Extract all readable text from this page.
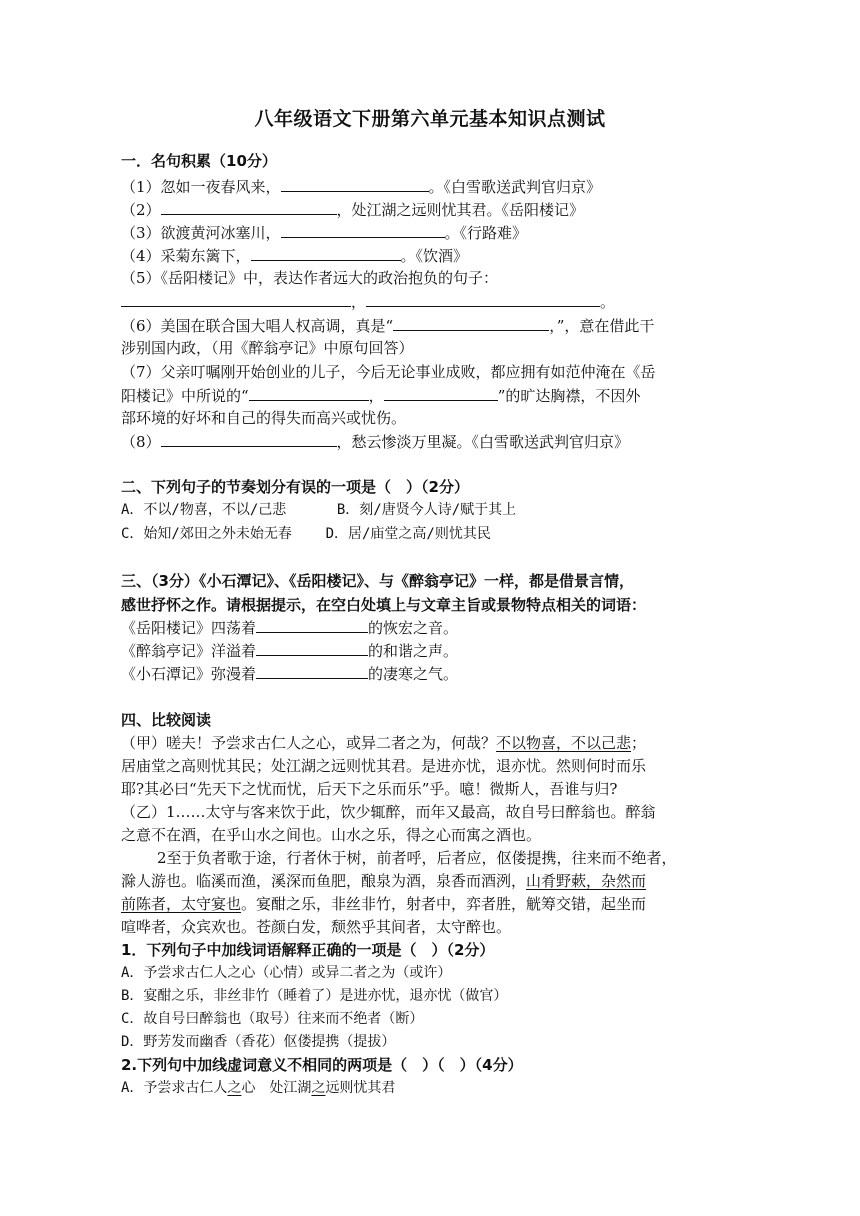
八年级语文下册第六单元基本知识点测试
一．名句积累（10分）
（1）忽如一夜春风来，	。《白雪歌送武判官归京》
（2）	，处江湖之远则忧其君。《岳阳楼记》
（3）欲渡黄河冰塞川，	。《行路难》
（4）采菊东篱下，	。《饮酒》
（5）《岳阳楼记》中，表达作者远大的政治抱负的句子：
，	。
（6）美国在联合国大唱人权高调，真是“	，”，意在借此干
涉别国内政，（用《醉翁亭记》中原句回答）
（7）父亲叮嘱刚开始创业的儿子，今后无论事业成败，都应拥有如范仲淹在《岳
阳楼记》中所说的“	，	”的旷达胸襟，不因外
部环境的好坏和自己的得失而高兴或忧伤。
（8）	，愁云惨淡万里凝。《白雪歌送武判官归京》
二、下列句子的节奏划分有误的一项是（　）（2分）
A．不以/物喜，不以/己悲	B．刻/唐贤今人诗/赋于其上
C．始知/郊田之外未始无春 D．居/庙堂之高/则忧其民
三、（3分）《小石潭记》、《岳阳楼记》、与《醉翁亭记》一样，都是借景言情，
感世抒怀之作。请根据提示，在空白处填上与文章主旨或景物特点相关的词语：
《岳阳楼记》四荡着	的恢宏之音。
《醉翁亭记》洋溢着	的和谐之声。
《小石潭记》弥漫着	的凄寒之气。
四、比较阅读
（甲）嗟夫！予尝求古仁人之心，或异二者之为，何哉？不以物喜，不以己悲；
居庙堂之高则忧其民；处江湖之远则忧其君。是进亦忧，退亦忧。然则何时而乐
耶?其必曰“先天下之忧而忧，后天下之乐而乐”乎。噫！微斯人，吾谁与归?
（乙）1……太守与客来饮于此，饮少辄醉，而年又最高，故自号曰醉翁也。醉翁
之意不在酒，在乎山水之间也。山水之乐，得之心而寓之酒也。
2至于负者歌于途，行者休于树，前者呼，后者应，伛偻提携，往来而不绝者，
滁人游也。临溪而渔，溪深而鱼肥，酿泉为酒，泉香而酒洌，山肴野蔌，杂然而
前陈者，太守宴也。宴酣之乐，非丝非竹，射者中，弈者胜，觥筹交错，起坐而
喧哗者，众宾欢也。苍颜白发，颓然乎其间者，太守醉也。
1．下列句子中加线词语解释正确的一项是（　）（2分）
A．予尝求古仁人之心（心情）或异二者之为（或许）
B．宴酣之乐，非丝非竹（睡着了）是进亦忧，退亦忧（做官）
C．故自号曰醉翁也（取号）往来而不绝者（断）
D．野芳发而幽香（香花）伛偻提携（提拔）
2.下列句中加线虚词意义不相同的两项是（　）（　）（4分）
A．予尝求古仁人之心　处江湖之远则忧其君
